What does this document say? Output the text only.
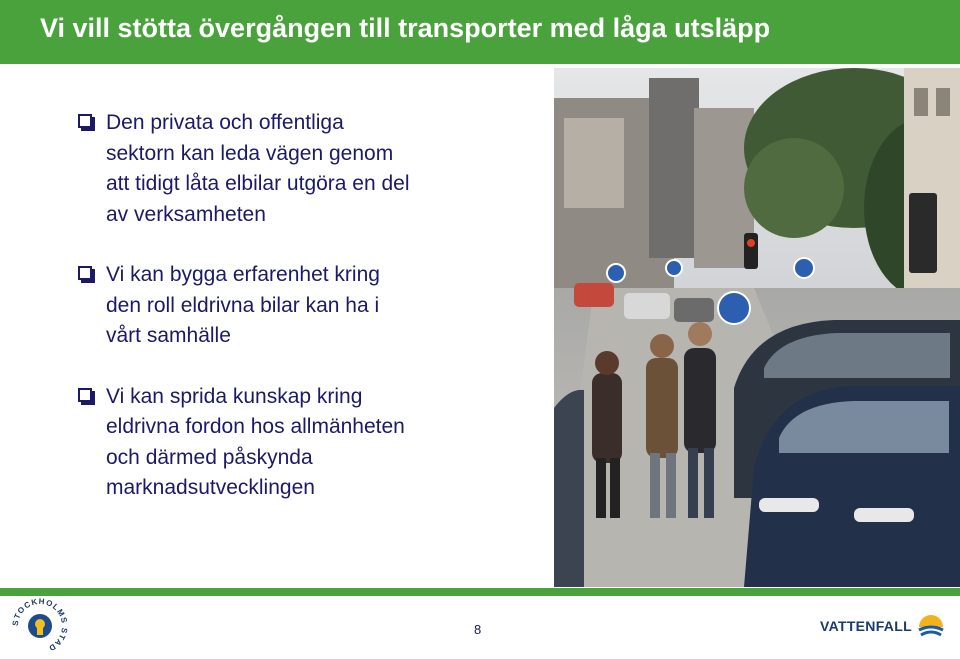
Vi vill stötta övergången till transporter med låga utsläpp
Den privata och offentliga
sektorn kan leda vägen genom
att tidigt låta elbilar utgöra en del
av verksamheten
Vi kan bygga erfarenhet kring
den roll eldrivna bilar kan ha i
vårt samhälle
Vi kan sprida kunskap kring
eldrivna fordon hos allmänheten
och därmed påskynda
marknadsutvecklingen
TOCKHOLMS TAD
8	VATTENFALL
